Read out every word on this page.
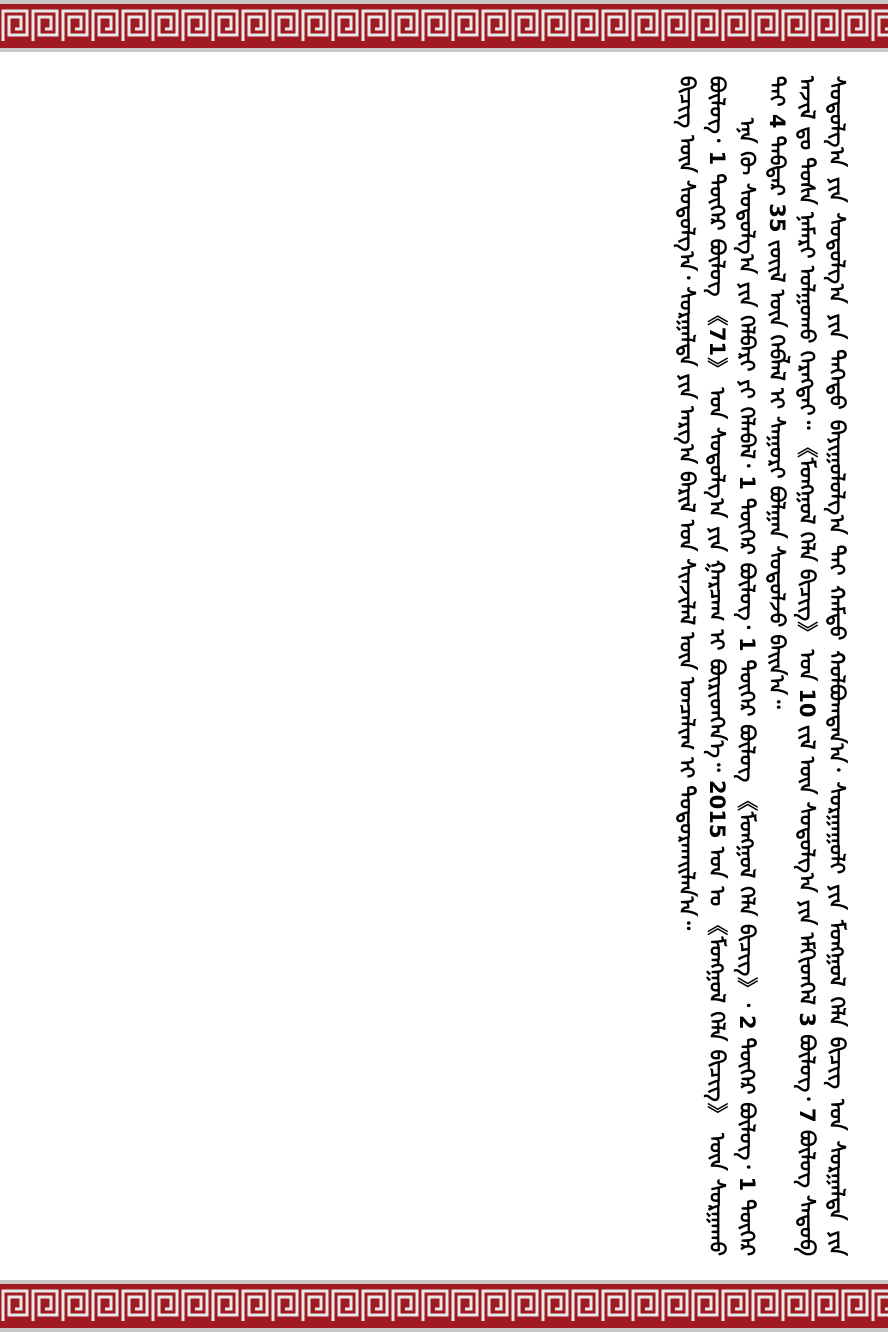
ᠰᠤᠳᠤᠯᠭ᠎ᠠ ᠶᠢᠨ ᠰᠤᠳᠤᠯᠭ᠎ᠠ ᠶᠢᠨ ᠳᠡᠭᠡᠳᠦ ᠪᠠᠶᠢᠭᠤᠯᠤᠯᠭ᠎ᠠ ᠲᠠᠢ ᠬᠠᠮᠲᠤ ᠬᠣᠯᠪᠣᠭᠳᠠᠨ᠎ᠠ᠂ ᠰᠤᠷᠭᠠᠭᠤᠯᠢ ᠶᠢᠨ ᠮᠣᠩᠭᠣᠯ ᠬᠡᠯᠡ ᠪᠢᠴᠢᠭ ᠤᠨ ᠰᠤᠷᠭᠠᠯᠲᠠ ᠶᠢᠨ ᠠᠵᠢᠯ ᠳᠤ ᠳᠤᠰᠠ ᠨᠡᠮᠡᠷᠢ ᠣᠯᠭᠤᠬᠤ ᠬᠡᠷᠡᠭᠲᠡᠢ᠃ 《ᠮᠣᠩᠭᠣᠯ ᠬᠡᠯᠡ ᠪᠢᠴᠢᠭ》 ᠤᠨ 10 ᠵᠢᠯ ᠦᠨ ᠰᠤᠳᠤᠯᠭ᠎ᠠ ᠶᠢᠨ ᠡᠮᠬᠢᠳᠬᠡᠯ 3 ᠪᠦᠯᠦᠭ᠂ 7 ᠪᠦᠯᠦᠭ ᠰᠡᠳᠦᠪ ᠲᠠᠢ 4 ᠳᠡᠪᠲᠡᠷ 35 ᠵᠦᠢᠯ ᠦᠨ ᠬᠡᠪᠯᠡᠯ ᠢ ᠰᠠᠭᠤᠷᠢ ᠪᠣᠯᠭᠠᠨ ᠰᠤᠳᠤᠯᠵᠤ ᠪᠠᠢᠨ᠎ᠠ᠃

ᠡᠨᠡ ᠬᠦ ᠰᠤᠳᠤᠯᠭ᠎ᠠ ᠶᠢᠨ ᠬᠡᠯᠪᠡᠷᠢ ᠶᠢ ᠬᠡᠯᠡᠪᠡᠯ᠂ 1 ᠳᠦᠭᠡᠷ ᠪᠦᠯᠦᠭ᠂ 1 ᠳᠦᠭᠡᠷ ᠪᠦᠯᠦᠭ 《ᠮᠣᠩᠭᠣᠯ ᠬᠡᠯᠡ ᠪᠢᠴᠢᠭ》᠂ 2 ᠳᠦᠭᠡᠷ ᠪᠦᠯᠦᠭ᠂ 1 ᠳᠦᠭᠡᠷ ᠪᠦᠯᠦᠭ᠂ 1 ᠳᠦᠭᠡᠷ ᠪᠦᠯᠦᠭ 《71》 ᠤᠨ ᠰᠤᠳᠤᠯᠭ᠎ᠠ ᠶᠢᠨ ᠭᠠᠷᠴᠠᠭ ᠢ ᠪᠦᠷᠢᠳᠬᠡᠨ᠎ᠡ᠃ 2015 ᠣᠨ ᠤ 《ᠮᠣᠩᠭᠣᠯ ᠬᠡᠯᠡ ᠪᠢᠴᠢᠭ》 ᠦᠨ ᠰᠤᠷᠭᠠᠬᠤ ᠪᠢᠴᠢᠭ ᠦᠨ ᠰᠤᠳᠤᠯᠭ᠎ᠠ᠂ ᠰᠤᠷᠭᠠᠯᠲᠠ ᠶᠢᠨ ᠠᠷᠭ᠎ᠠ ᠪᠠᠷᠢᠯ ᠤᠨ ᠰᠢᠨᠵᠢᠯᠡᠯ ᠦᠨ ᠣᠨᠴᠠᠯᠢᠭ ᠢ ᠲᠣᠳᠣᠷᠬᠠᠢᠯᠠᠨ᠎ᠠ᠃
